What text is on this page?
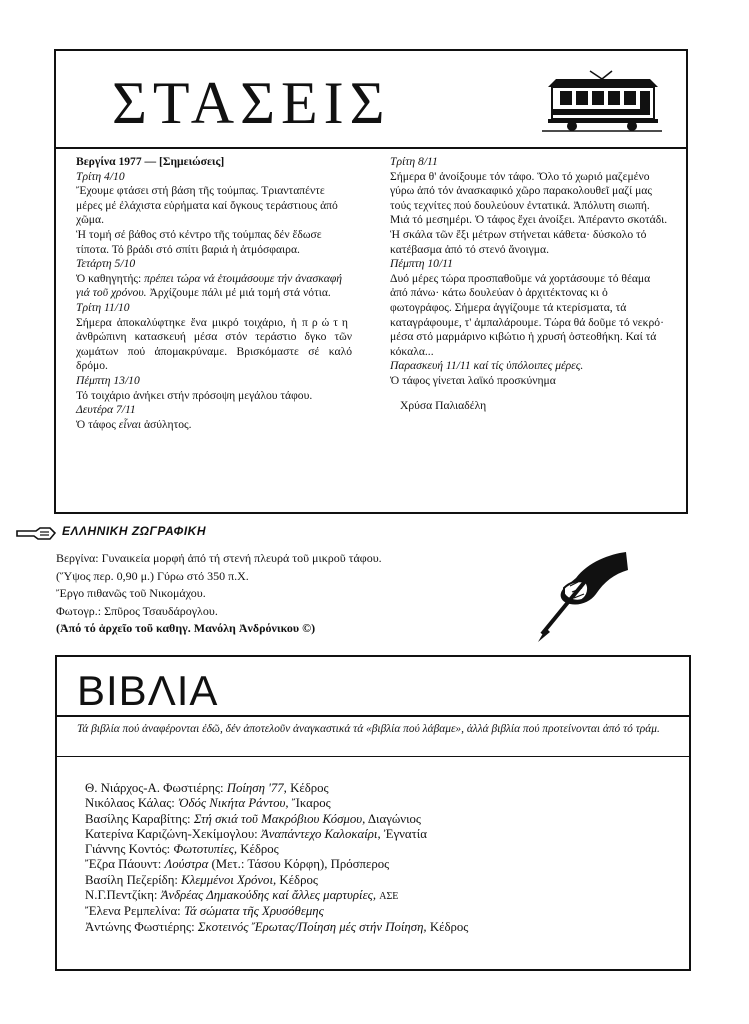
ΣΤΑΣΕΙΣ

Βεργίνα 1977 — [Σημειώσεις]

Τρίτη 4/10

Ἔχουμε φτάσει στή βάση τῆς τούμπας. Τριανταπέντε μέρες μέ ἐλάχιστα εὑρήματα καί ὄγκους τεράστιους ἀπό χῶμα.

Ἡ τομή σέ βάθος στό κέντρο τῆς τούμπας δέν ἔδωσε τίποτα. Τό βράδι στό σπίτι βαριά ἡ ἀτμόσφαιρα.

Τετάρτη 5/10

Ὁ καθηγητής: πρέπει τώρα νά ἑτοιμάσουμε τήν ἀνασκαφή γιά τοῦ χρόνου. Ἀρχίζουμε πάλι μέ μιά τομή στά νότια.

Τρίτη 11/10

Σήμερα ἀποκαλύφτηκε ἕνα μικρό τοιχάριο, ἡ πρώτη ἀνθρώπινη κατασκευή μέσα στόν τεράστιο δγκο τῶν χωμάτων πού ἀπομακρύναμε. Βρισκόμαστε σέ καλό δρόμο.

Πέμπτη 13/10

Τό τοιχάριο ἀνήκει στήν πρόσοψη μεγάλου τάφου.

Δευτέρα 7/11

Ὁ τάφος εἶναι ἀσύλητος.

Τρίτη 8/11

Σήμερα θ' ἀνοίξουμε τόν τάφο. Ὅλο τό χωριό μαζεμένο γύρω ἀπό τόν ἀνασκαφικό χῶρο παρακολουθεῖ μαζί μας τούς τεχνίτες πού δουλεύουν ἐντατικά. Ἀπόλυτη σιωπή.

Μιά τό μεσημέρι. Ὁ τάφος ἔχει ἀνοίξει. Ἀπέραντο σκοτάδι. Ἡ σκάλα τῶν ἔξι μέτρων στήνεται κάθετα· δύσκολο τό κατέβασμα ἀπό τό στενό ἄνοιγμα.

Πέμπτη 10/11

Δυό μέρες τώρα προσπαθοῦμε νά χορτάσουμε τό θέαμα ἀπό πάνω· κάτω δουλεύαν ὁ ἀρχιτέκτονας κι ὁ φωτογράφος. Σήμερα ἀγγίζουμε τά κτερίσματα, τά καταγράφουμε, τ' ἀμπαλάρουμε. Τώρα θά δοῦμε τό νεκρό· μέσα στό μαρμάρινο κιβώτιο ἡ χρυσή ὀστεοθήκη. Καί τά κόκαλα...

Παρασκευή 11/11 καί τίς ὑπόλοιπες μέρες.

Ὁ τάφος γίνεται λαϊκό προσκύνημα

Χρύσα Παλιαδέλη

ΕΛΛΗΝΙΚΗ ΖΩΓΡΑΦΙΚΗ

Βεργίνα: Γυναικεία μορφή ἀπό τή στενή πλευρά τοῦ μικροῦ τάφου.

(Ὕψος περ. 0,90 μ.) Γύρω στό 350 π.Χ.

Ἔργο πιθανῶς τοῦ Νικομάχου.

Φωτογρ.: Σπῦρος Τσαυδάρογλου.

(Ἀπό τό ἀρχεῖο τοῦ καθηγ. Μανόλη Ἀνδρόνικου ©)

ΒΙΒΛΙΑ
Τά βιβλία πού ἀναφέρονται ἐδῶ, δέν ἀποτελοῦν ἀναγκαστικά τά «βιβλία πού λάβαμε», ἀλλά βιβλία πού προτείνονται ἀπό τό τράμ.
Θ. Νιάρχος-Α. Φωστιέρης: Ποίηση '77, Κέδρος
Νικόλαος Κάλας: Ὀδός Νικήτα Ράντου, Ἴκαρος
Βασίλης Καραβίτης: Στή σκιά τοῦ Μακρόβιου Κόσμου, Διαγώνιος
Κατερίνα Καριζώνη-Χεκίμογλου: Ἀναπάντεχο Καλοκαίρι, Ἐγνατία
Γιάννης Κοντός: Φωτοτυπίες, Κέδρος
Ἔζρα Πάουντ: Λούστρα (Μετ.: Τάσου Κόρφη), Πρόσπερος
Βασίλη Πεζερίδη: Κλεμμένοι Χρόνοι, Κέδρος
Ν.Γ.Πεντζίκη: Ἀνδρέας Δημακούδης καί ἄλλες μαρτυρίες, ΑΣΕ
Ἔλενα Ρεμπελίνα: Τά σώματα τῆς Χρυσόθεμης
Ἀντώνης Φωστιέρης: Σκοτεινός Ἔρωτας/Ποίηση μές στήν Ποίηση, Κέδρος
